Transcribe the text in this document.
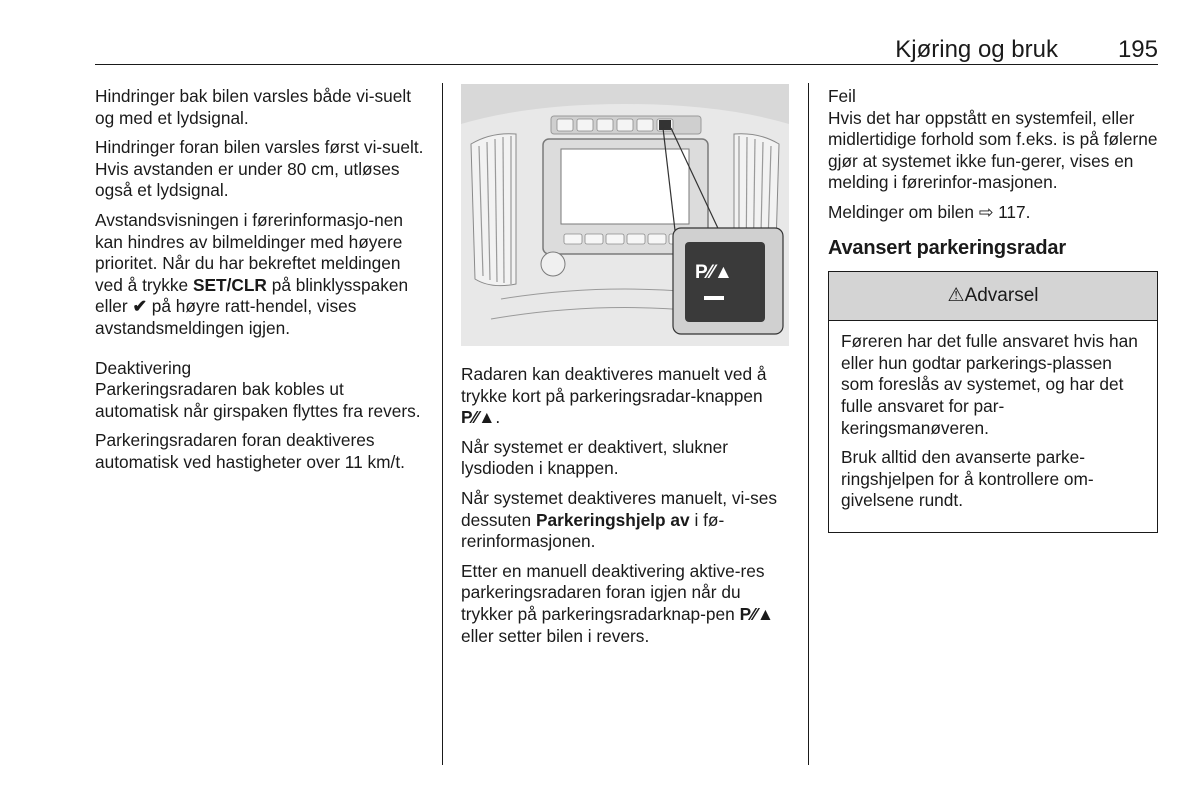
Kjøring og bruk 195

Hindringer bak bilen varsles både vi-suelt og med et lydsignal.

Hindringer foran bilen varsles først vi-suelt. Hvis avstanden er under 80 cm, utløses også et lydsignal.

Avstandsvisningen i førerinformasjo-nen kan hindres av bilmeldinger med høyere prioritet. Når du har bekreftet meldingen ved å trykke SET/CLR på blinklysspaken eller ✔ på høyre ratt-hendel, vises avstandsmeldingen igjen.

Deaktivering

Parkeringsradaren bak kobles ut automatisk når girspaken flyttes fra revers.

Parkeringsradaren foran deaktiveres automatisk ved hastigheter over 11 km/t.

P⁄⁄▲

Radaren kan deaktiveres manuelt ved å trykke kort på parkeringsradar-knappen P⁄⁄▲.

Når systemet er deaktivert, slukner lysdioden i knappen.

Når systemet deaktiveres manuelt, vi-ses dessuten Parkeringshjelp av i fø-rerinformasjonen.

Etter en manuell deaktivering aktive-res parkeringsradaren foran igjen når du trykker på parkeringsradarknap-pen P⁄⁄▲ eller setter bilen i revers.

Feil

Hvis det har oppstått en systemfeil, eller midlertidige forhold som f.eks. is på følerne gjør at systemet ikke fun-gerer, vises en melding i førerinfor-masjonen.

Meldinger om bilen ⇨ 117.

Avansert parkeringsradar
⚠Advarsel

Føreren har det fulle ansvaret hvis han eller hun godtar parkerings-plassen som foreslås av systemet, og har det fulle ansvaret for par-keringsmanøveren.

Bruk alltid den avanserte parke-ringshjelpen for å kontrollere om-givelsene rundt.
